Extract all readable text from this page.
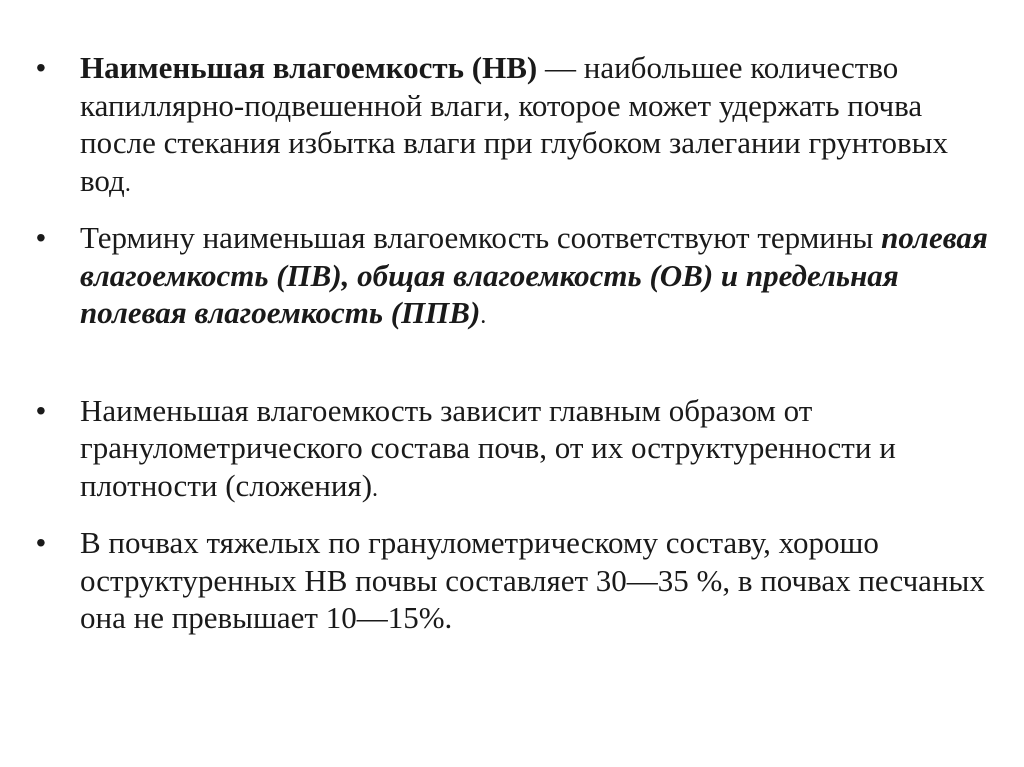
• Наименьшая влагоемкость (НВ) — наибольшее количество капиллярно-подвешенной влаги, которое может удержать почва после стекания избытка влаги при глубоком залегании грунтовых вод.
• Термину наименьшая влагоемкость соответствуют термины полевая влагоемкость (ПВ), общая влагоемкость (ОВ) и предельная полевая влагоемкость (ППВ).
• Наименьшая влагоемкость зависит главным образом от гранулометрического состава почв, от их оструктуренности и плотности (сложения).
• В почвах тяжелых по гранулометрическому составу, хорошо оструктуренных НВ почвы составляет 30—35 %, в почвах песчаных она не превышает 10—15%.
